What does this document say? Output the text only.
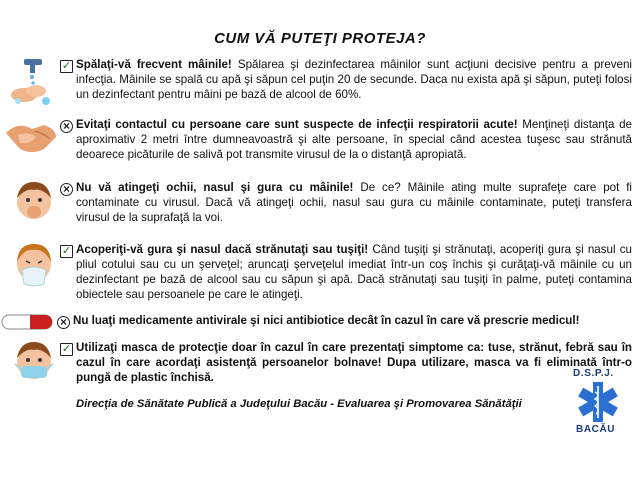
CUM VĂ PUTEŢI PROTEJA?
✓ Spălaţi-vă frecvent mâinile! Spălarea şi dezinfectarea mâinilor sunt acţiuni decisive pentru a preveni infecţia. Mâinile se spală cu apă şi săpun cel puţin 20 de secunde. Daca nu exista apă şi săpun, puteţi folosi un dezinfectant pentru mâini pe bază de alcool de 60%.
× Evitaţi contactul cu persoane care sunt suspecte de infecţii respiratorii acute! Menţineţi distanţa de aproximativ 2 metri între dumneavoastră şi alte persoane, în special când acestea tuşesc sau strănută deoarece picăturile de salivă pot transmite virusul de la o distanţă apropiată.
× Nu vă atingeţi ochii, nasul şi gura cu mâinile! De ce? Mâinile ating multe suprafeţe care pot fi contaminate cu virusul. Dacă vă atingeţi ochii, nasul sau gura cu mâinile contaminate, puteţi transfera virusul de la suprafaţă la voi.
✓ Acoperiţi-vă gura şi nasul dacă strănutaţi sau tuşiţi! Când tuşiţi şi strănutaţi, acoperiţi gura şi nasul cu pliul cotului sau cu un şerveţel; aruncaţi şerveţelul imediat într-un coş închis şi curăţaţi-vă mâinile cu un dezinfectant pe bază de alcool sau cu săpun şi apă. Dacă strănutaţi sau tuşiţi în palme, puteţi contamina obiectele sau persoanele pe care le atingeţi.
× Nu luaţi medicamente antivirale şi nici antibiotice decât în cazul în care vă prescrie medicul!
✓ Utilizaţi masca de protecţie doar în cazul în care prezentaţi simptome ca: tuse, strănut, febră sau în cazul în care acordaţi asistenţă persoanelor bolnave! Dupa utilizare, masca va fi eliminată într-o pungă de plastic închisă.
Direcţia de Sănătate Publică a Judeţului Bacău - Evaluarea şi Promovarea Sănătăţii
D.S.P.J.
BACĂU
